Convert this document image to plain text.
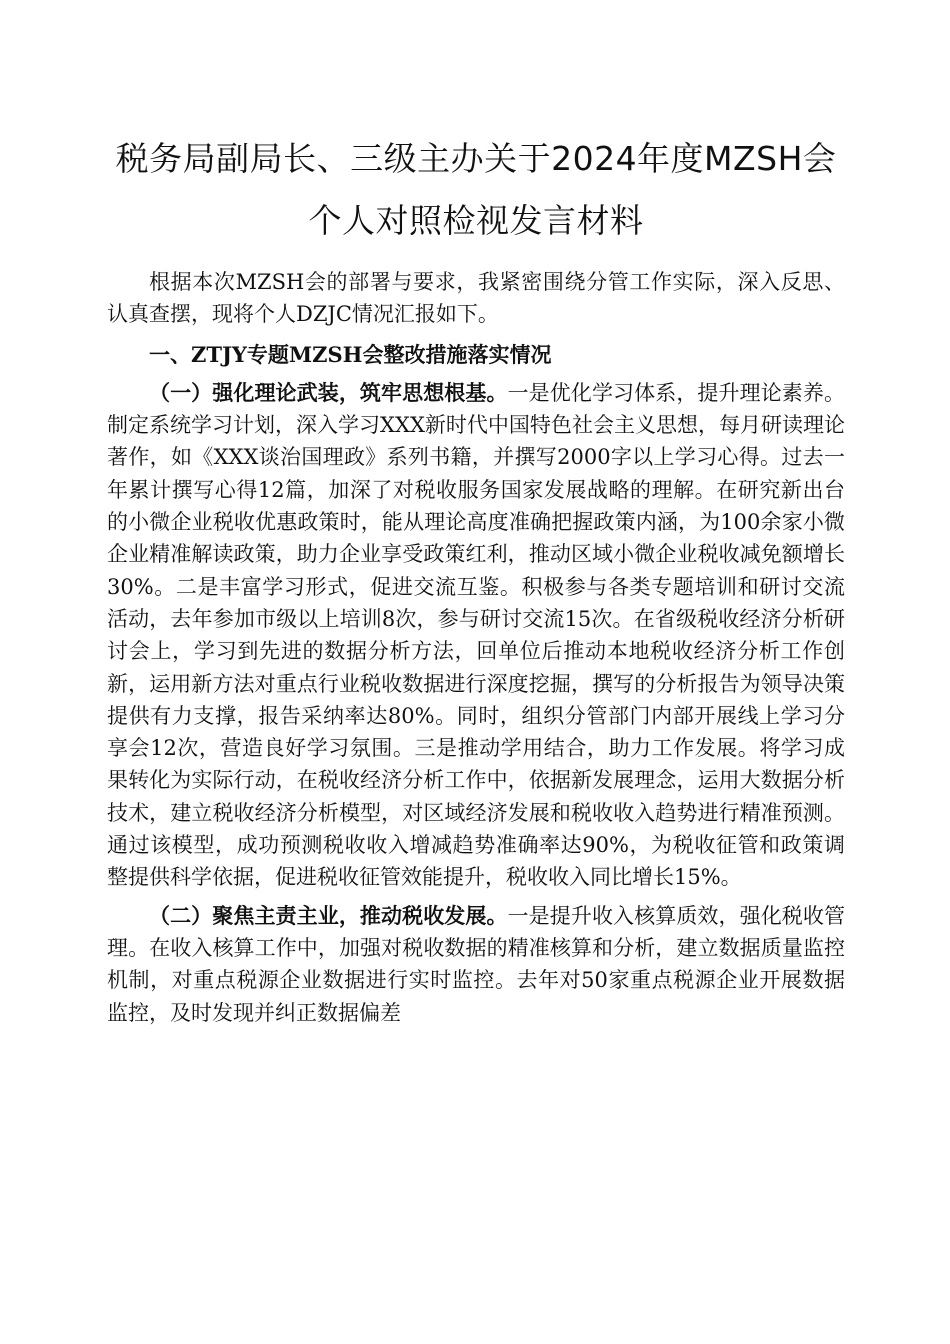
税务局副局长、三级主办关于2024年度MZSH会
个人对照检视发言材料

根据本次MZSH会的部署与要求，我紧密围绕分管工作实际，深入反思、认真查摆，现将个人DZJC情况汇报如下。

一、ZTJY专题MZSH会整改措施落实情况

（一）强化理论武装，筑牢思想根基。一是优化学习体系，提升理论素养。制定系统学习计划，深入学习XXX新时代中国特色社会主义思想，每月研读理论著作，如《XXX谈治国理政》系列书籍，并撰写2000字以上学习心得。过去一年累计撰写心得12篇，加深了对税收服务国家发展战略的理解。在研究新出台的小微企业税收优惠政策时，能从理论高度准确把握政策内涵，为100余家小微企业精准解读政策，助力企业享受政策红利，推动区域小微企业税收减免额增长30%。二是丰富学习形式，促进交流互鉴。积极参与各类专题培训和研讨交流活动，去年参加市级以上培训8次，参与研讨交流15次。在省级税收经济分析研讨会上，学习到先进的数据分析方法，回单位后推动本地税收经济分析工作创新，运用新方法对重点行业税收数据进行深度挖掘，撰写的分析报告为领导决策提供有力支撑，报告采纳率达80%。同时，组织分管部门内部开展线上学习分享会12次，营造良好学习氛围。三是推动学用结合，助力工作发展。将学习成果转化为实际行动，在税收经济分析工作中，依据新发展理念，运用大数据分析技术，建立税收经济分析模型，对区域经济发展和税收收入趋势进行精准预测。通过该模型，成功预测税收收入增减趋势准确率达90%，为税收征管和政策调整提供科学依据，促进税收征管效能提升，税收收入同比增长15%。

（二）聚焦主责主业，推动税收发展。一是提升收入核算质效，强化税收管理。在收入核算工作中，加强对税收数据的精准核算和分析，建立数据质量监控机制，对重点税源企业数据进行实时监控。去年对50家重点税源企业开展数据监控，及时发现并纠正数据偏差
